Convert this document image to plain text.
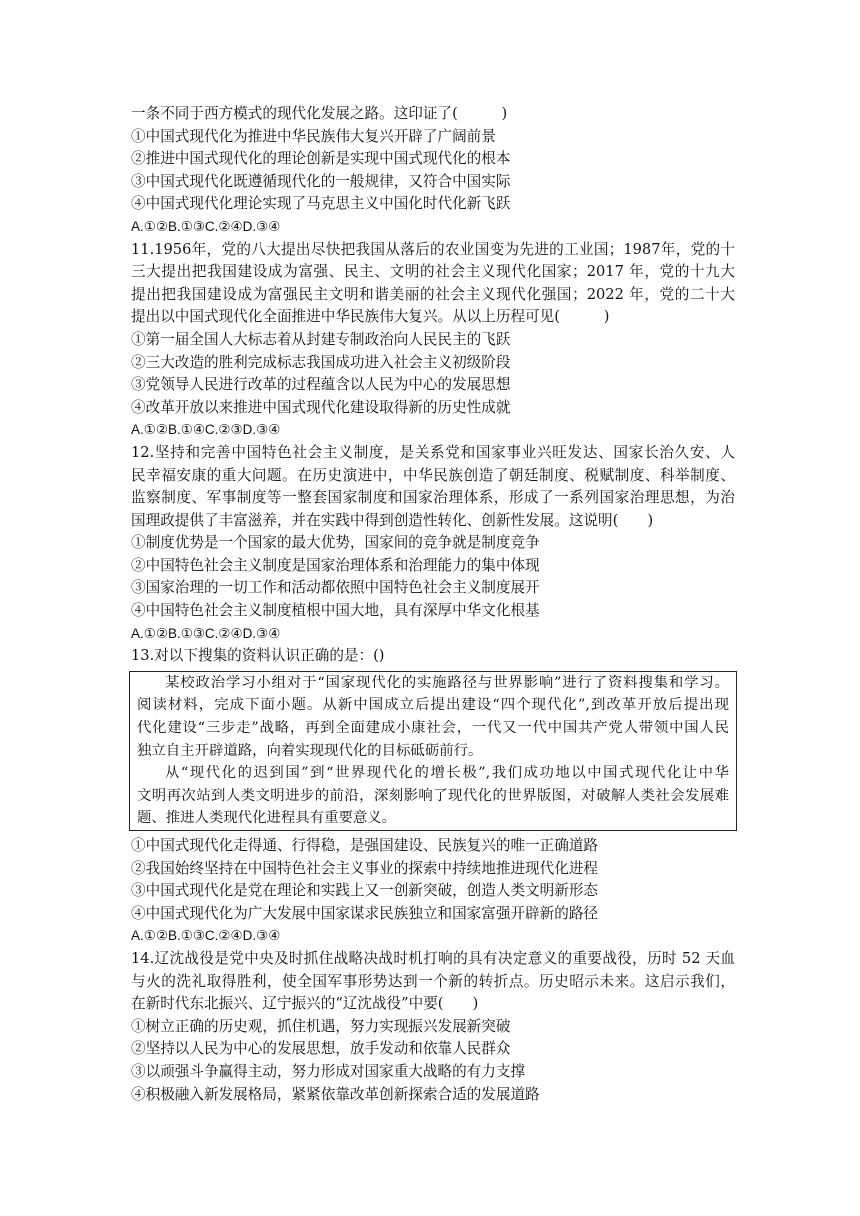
一条不同于西方模式的现代化发展之路。这印证了(　　　)
①中国式现代化为推进中华民族伟大复兴开辟了广阔前景
②推进中国式现代化的理论创新是实现中国式现代化的根本
③中国式现代化既遵循现代化的一般规律，又符合中国实际
④中国式现代化理论实现了马克思主义中国化时代化新飞跃
A.①②B.①③C.②④D.③④
11.1956年，党的八大提出尽快把我国从落后的农业国变为先进的工业国；1987年，党的十
三大提出把我国建设成为富强、民主、文明的社会主义现代化国家；2017 年，党的十九大
提出把我国建设成为富强民主文明和谐美丽的社会主义现代化强国；2022 年，党的二十大
提出以中国式现代化全面推进中华民族伟大复兴。从以上历程可见(　　　)
①第一届全国人大标志着从封建专制政治向人民民主的飞跃
②三大改造的胜利完成标志我国成功进入社会主义初级阶段
③党领导人民进行改革的过程蕴含以人民为中心的发展思想
④改革开放以来推进中国式现代化建设取得新的历史性成就
A.①②B.①④C.②③D.③④
12.坚持和完善中国特色社会主义制度，是关系党和国家事业兴旺发达、国家长治久安、人
民幸福安康的重大问题。在历史演进中，中华民族创造了朝廷制度、税赋制度、科举制度、
监察制度、军事制度等一整套国家制度和国家治理体系，形成了一系列国家治理思想，为治
国理政提供了丰富滋养，并在实践中得到创造性转化、创新性发展。这说明(　　)
①制度优势是一个国家的最大优势，国家间的竞争就是制度竞争
②中国特色社会主义制度是国家治理体系和治理能力的集中体现
③国家治理的一切工作和活动都依照中国特色社会主义制度展开
④中国特色社会主义制度植根中国大地，具有深厚中华文化根基
A.①②B.①③C.②④D.③④
13.对以下搜集的资料认识正确的是：()
某校政治学习小组对于“国家现代化的实施路径与世界影响”进行了资料搜集和学习。
阅读材料，完成下面小题。从新中国成立后提出建设“四个现代化”,到改革开放后提出现
代化建设“三步走”战略，再到全面建成小康社会，一代又一代中国共产党人带领中国人民
独立自主开辟道路，向着实现现代化的目标砥砺前行。
从“现代化的迟到国”到“世界现代化的增长极”,我们成功地以中国式现代化让中华
文明再次站到人类文明进步的前沿，深刻影响了现代化的世界版图，对破解人类社会发展难
题、推进人类现代化进程具有重要意义。
①中国式现代化走得通、行得稳，是强国建设、民族复兴的唯一正确道路
②我国始终坚持在中国特色社会主义事业的探索中持续地推进现代化进程
③中国式现代化是党在理论和实践上又一创新突破，创造人类文明新形态
④中国式现代化为广大发展中国家谋求民族独立和国家富强开辟新的路径
A.①②B.①③C.②④D.③④
14.辽沈战役是党中央及时抓住战略决战时机打响的具有决定意义的重要战役，历时 52 天血
与火的洗礼取得胜利，使全国军事形势达到一个新的转折点。历史昭示未来。这启示我们，
在新时代东北振兴、辽宁振兴的“辽沈战役”中要(　　)
①树立正确的历史观，抓住机遇，努力实现振兴发展新突破
②坚持以人民为中心的发展思想，放手发动和依靠人民群众
③以顽强斗争赢得主动，努力形成对国家重大战略的有力支撑
④积极融入新发展格局，紧紧依靠改革创新探索合适的发展道路
